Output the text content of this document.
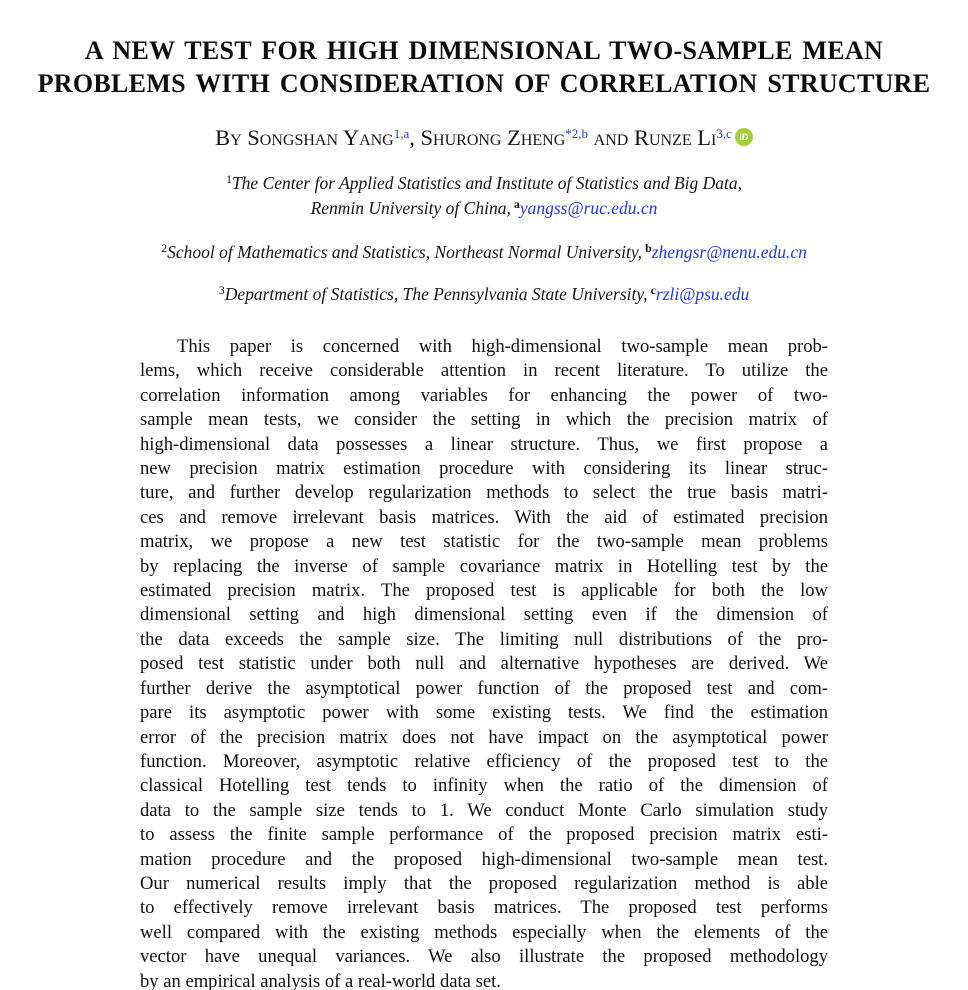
A NEW TEST FOR HIGH DIMENSIONAL TWO-SAMPLE MEAN
PROBLEMS WITH CONSIDERATION OF CORRELATION STRUCTURE
By Songshan Yang$^{1,a}$, Shurong Zheng$^{*2,b}$ and Runze Li$^{3,c}$ iD
$^1$The Center for Applied Statistics and Institute of Statistics and Big Data,
Renmin University of China, $^a$yangss@ruc.edu.cn
$^2$School of Mathematics and Statistics, Northeast Normal University, $^b$zhengsr@nenu.edu.cn
$^3$Department of Statistics, The Pennsylvania State University, $^c$rzli@psu.edu
This paper is concerned with high-dimensional two-sample mean prob-
lems, which receive considerable attention in recent literature. To utilize the
correlation information among variables for enhancing the power of two-
sample mean tests, we consider the setting in which the precision matrix of
high-dimensional data possesses a linear structure. Thus, we first propose a
new precision matrix estimation procedure with considering its linear struc-
ture, and further develop regularization methods to select the true basis matri-
ces and remove irrelevant basis matrices. With the aid of estimated precision
matrix, we propose a new test statistic for the two-sample mean problems
by replacing the inverse of sample covariance matrix in Hotelling test by the
estimated precision matrix. The proposed test is applicable for both the low
dimensional setting and high dimensional setting even if the dimension of
the data exceeds the sample size. The limiting null distributions of the pro-
posed test statistic under both null and alternative hypotheses are derived. We
further derive the asymptotical power function of the proposed test and com-
pare its asymptotic power with some existing tests. We find the estimation
error of the precision matrix does not have impact on the asymptotical power
function. Moreover, asymptotic relative efficiency of the proposed test to the
classical Hotelling test tends to infinity when the ratio of the dimension of
data to the sample size tends to 1. We conduct Monte Carlo simulation study
to assess the finite sample performance of the proposed precision matrix esti-
mation procedure and the proposed high-dimensional two-sample mean test.
Our numerical results imply that the proposed regularization method is able
to effectively remove irrelevant basis matrices. The proposed test performs
well compared with the existing methods especially when the elements of the
vector have unequal variances. We also illustrate the proposed methodology
by an empirical analysis of a real-world data set.
